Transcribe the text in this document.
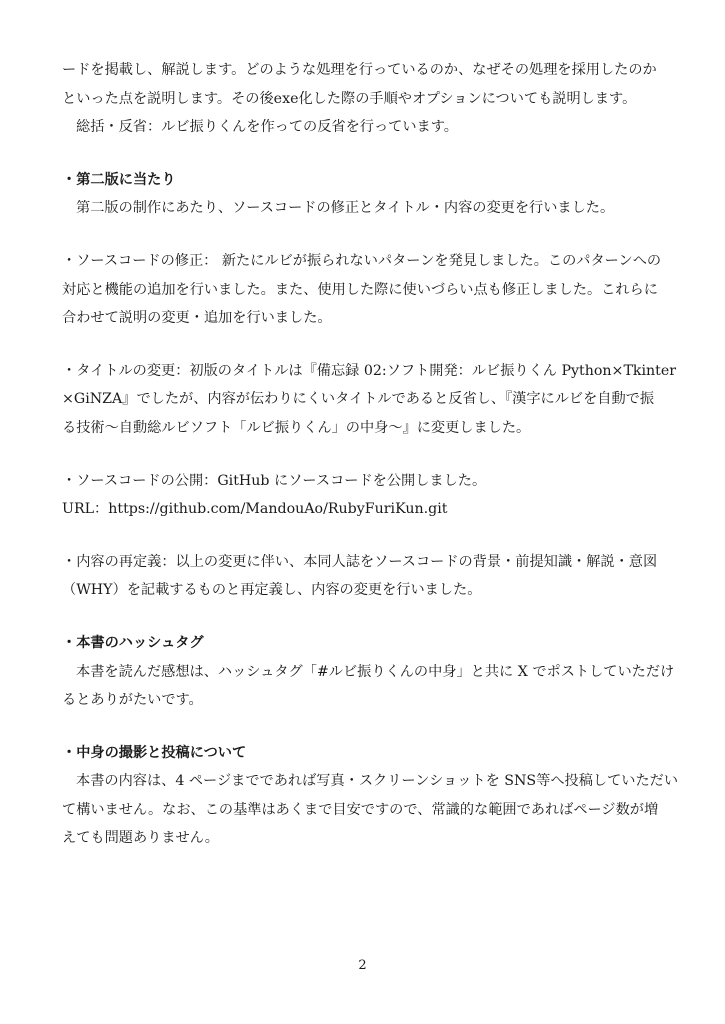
ードを掲載し、解説します。どのような処理を行っているのか、なぜその処理を採用したのか
といった点を説明します。その後exe化した際の手順やオプションについても説明します。
総括・反省：ルビ振りくんを作っての反省を行っています。
・第二版に当たり
第二版の制作にあたり、ソースコードの修正とタイトル・内容の変更を行いました。
・ソースコードの修正： 新たにルビが振られないパターンを発見しました。このパターンへの
対応と機能の追加を行いました。また、使用した際に使いづらい点も修正しました。これらに
合わせて説明の変更・追加を行いました。
・タイトルの変更：初版のタイトルは『備忘録 02:ソフト開発：ルビ振りくん Python×Tkinter
×GiNZA』でしたが、内容が伝わりにくいタイトルであると反省し、『漢字にルビを自動で振
る技術〜自動総ルビソフト「ルビ振りくん」の中身〜』に変更しました。
・ソースコードの公開：GitHub にソースコードを公開しました。
URL：https://github.com/MandouAo/RubyFuriKun.git
・内容の再定義：以上の変更に伴い、本同人誌をソースコードの背景・前提知識・解説・意図
（WHY）を記載するものと再定義し、内容の変更を行いました。
・本書のハッシュタグ
本書を読んだ感想は、ハッシュタグ「#ルビ振りくんの中身」と共に X でポストしていただけ
るとありがたいです。
・中身の撮影と投稿について
本書の内容は、4 ページまでであれば写真・スクリーンショットを SNS等へ投稿していただい
て構いません。なお、この基準はあくまで目安ですので、常識的な範囲であればページ数が増
えても問題ありません。
2
